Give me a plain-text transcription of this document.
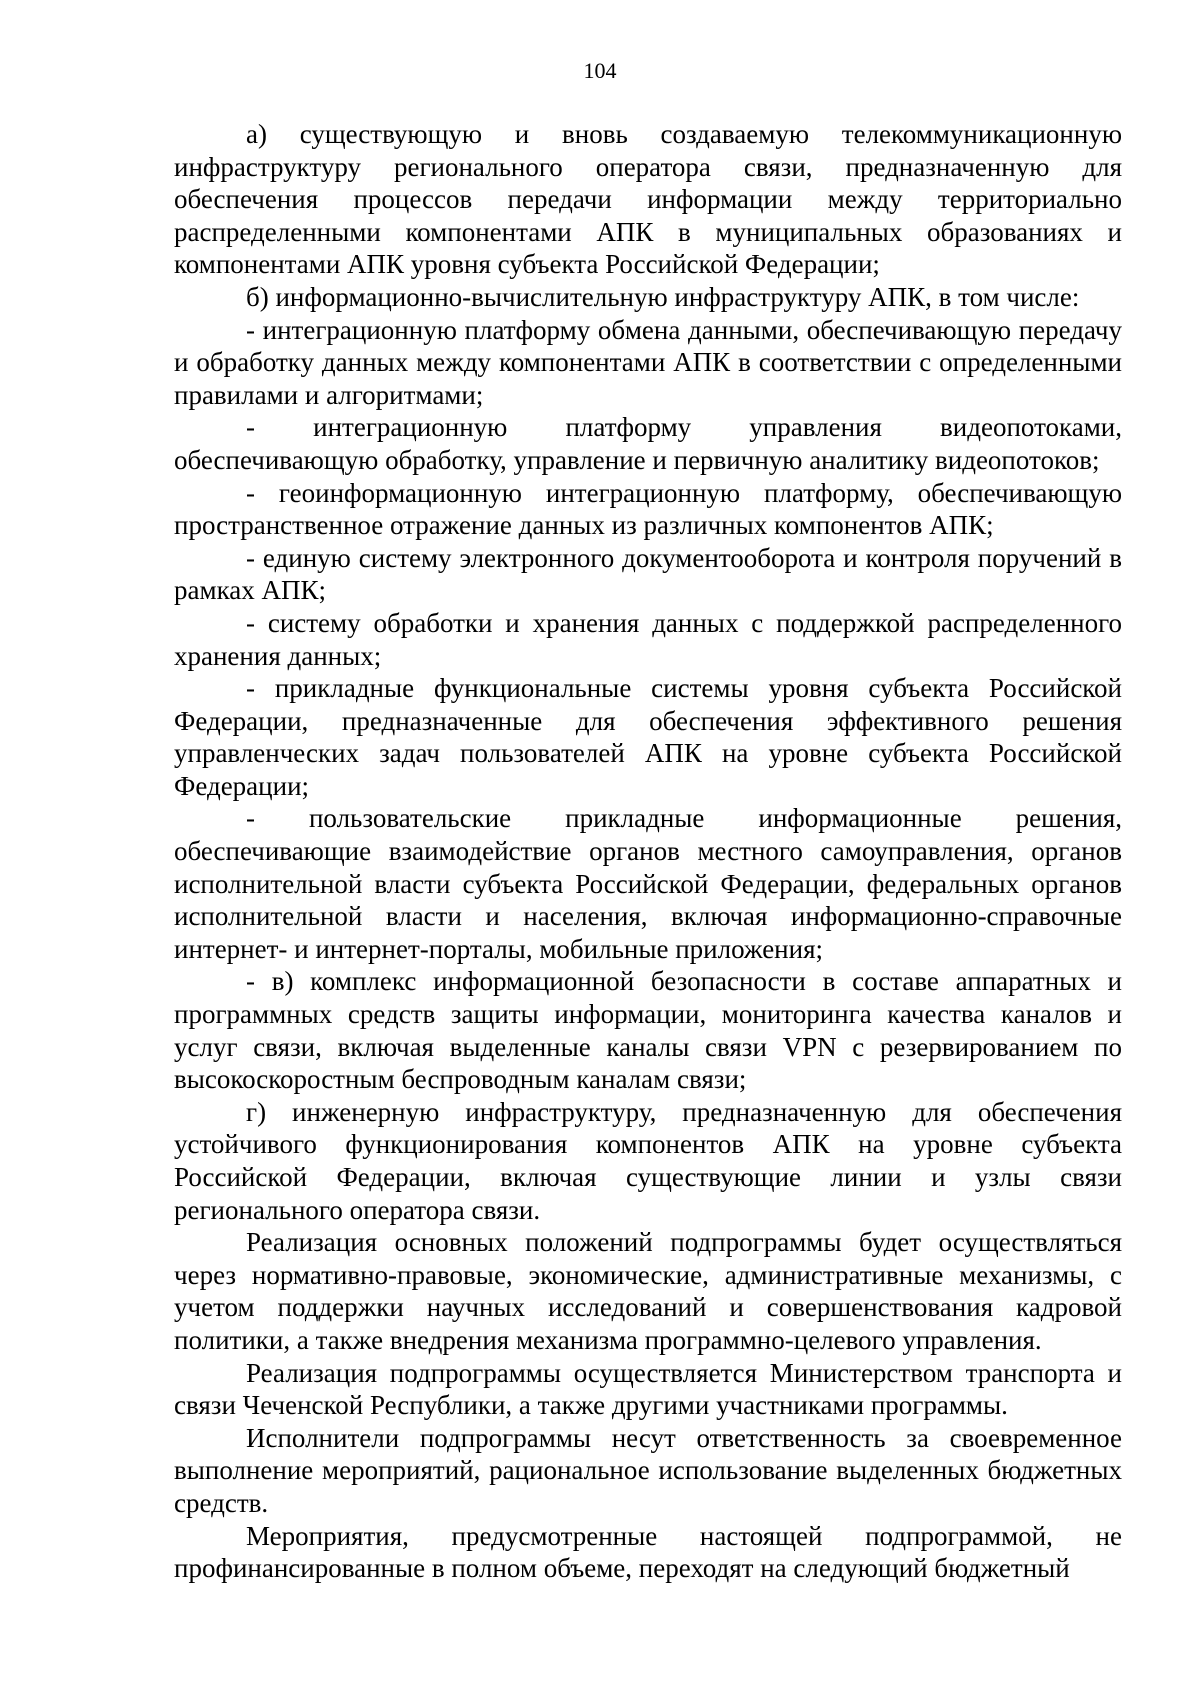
104

а) существующую и вновь создаваемую телекоммуникационную инфраструктуру регионального оператора связи, предназначенную для обеспечения процессов передачи информации между территориально распределенными компонентами АПК в муниципальных образованиях и компонентами АПК уровня субъекта Российской Федерации;

б) информационно-вычислительную инфраструктуру АПК, в том числе:

- интеграционную платформу обмена данными, обеспечивающую передачу и обработку данных между компонентами АПК в соответствии с определенными правилами и алгоритмами;

- интеграционную платформу управления видеопотоками, обеспечивающую обработку, управление и первичную аналитику видеопотоков;

- геоинформационную интеграционную платформу, обеспечивающую пространственное отражение данных из различных компонентов АПК;

- единую систему электронного документооборота и контроля поручений в рамках АПК;

- систему обработки и хранения данных с поддержкой распределенного хранения данных;

- прикладные функциональные системы уровня субъекта Российской Федерации, предназначенные для обеспечения эффективного решения управленческих задач пользователей АПК на уровне субъекта Российской Федерации;

- пользовательские прикладные информационные решения, обеспечивающие взаимодействие органов местного самоуправления, органов исполнительной власти субъекта Российской Федерации, федеральных органов исполнительной власти и населения, включая информационно-справочные интернет- и интернет-порталы, мобильные приложения;

- в) комплекс информационной безопасности в составе аппаратных и программных средств защиты информации, мониторинга качества каналов и услуг связи, включая выделенные каналы связи VPN с резервированием по высокоскоростным беспроводным каналам связи;

г) инженерную инфраструктуру, предназначенную для обеспечения устойчивого функционирования компонентов АПК на уровне субъекта Российской Федерации, включая существующие линии и узлы связи регионального оператора связи.

Реализация основных положений подпрограммы будет осуществляться через нормативно-правовые, экономические, административные механизмы, с учетом поддержки научных исследований и совершенствования кадровой политики, а также внедрения механизма программно-целевого управления.

Реализация подпрограммы осуществляется Министерством транспорта и связи Чеченской Республики, а также другими участниками программы.

Исполнители подпрограммы несут ответственность за своевременное выполнение мероприятий, рациональное использование выделенных бюджетных средств.

Мероприятия, предусмотренные настоящей подпрограммой, не профинансированные в полном объеме, переходят на следующий бюджетный
